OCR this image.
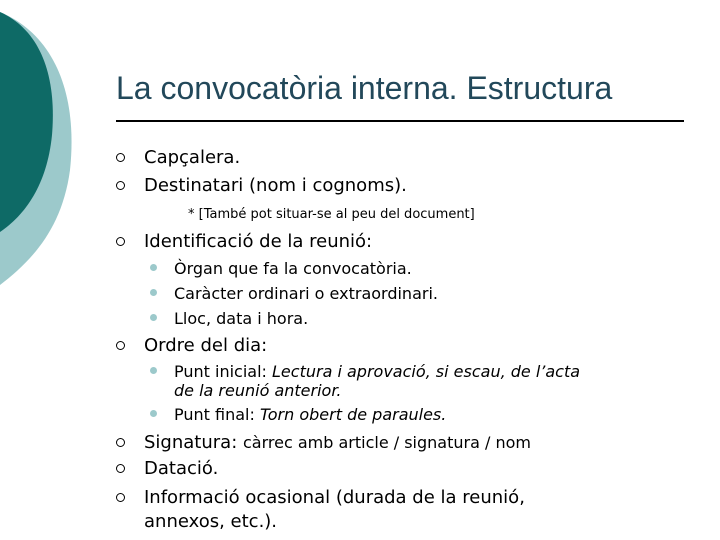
La convocatòria interna. Estructura
Capçalera.
Destinatari (nom i cognoms).
* [També pot situar-se al peu del document]
Identificació de la reunió:
Òrgan que fa la convocatòria.
Caràcter ordinari o extraordinari.
Lloc, data i hora.
Ordre del dia:
Punt inicial: Lectura i aprovació, si escau, de l’acta
de la reunió anterior.
Punt final: Torn obert de paraules.
Signatura: càrrec amb article / signatura / nom
Datació.
Informació ocasional (durada de la reunió,
annexos, etc.).
